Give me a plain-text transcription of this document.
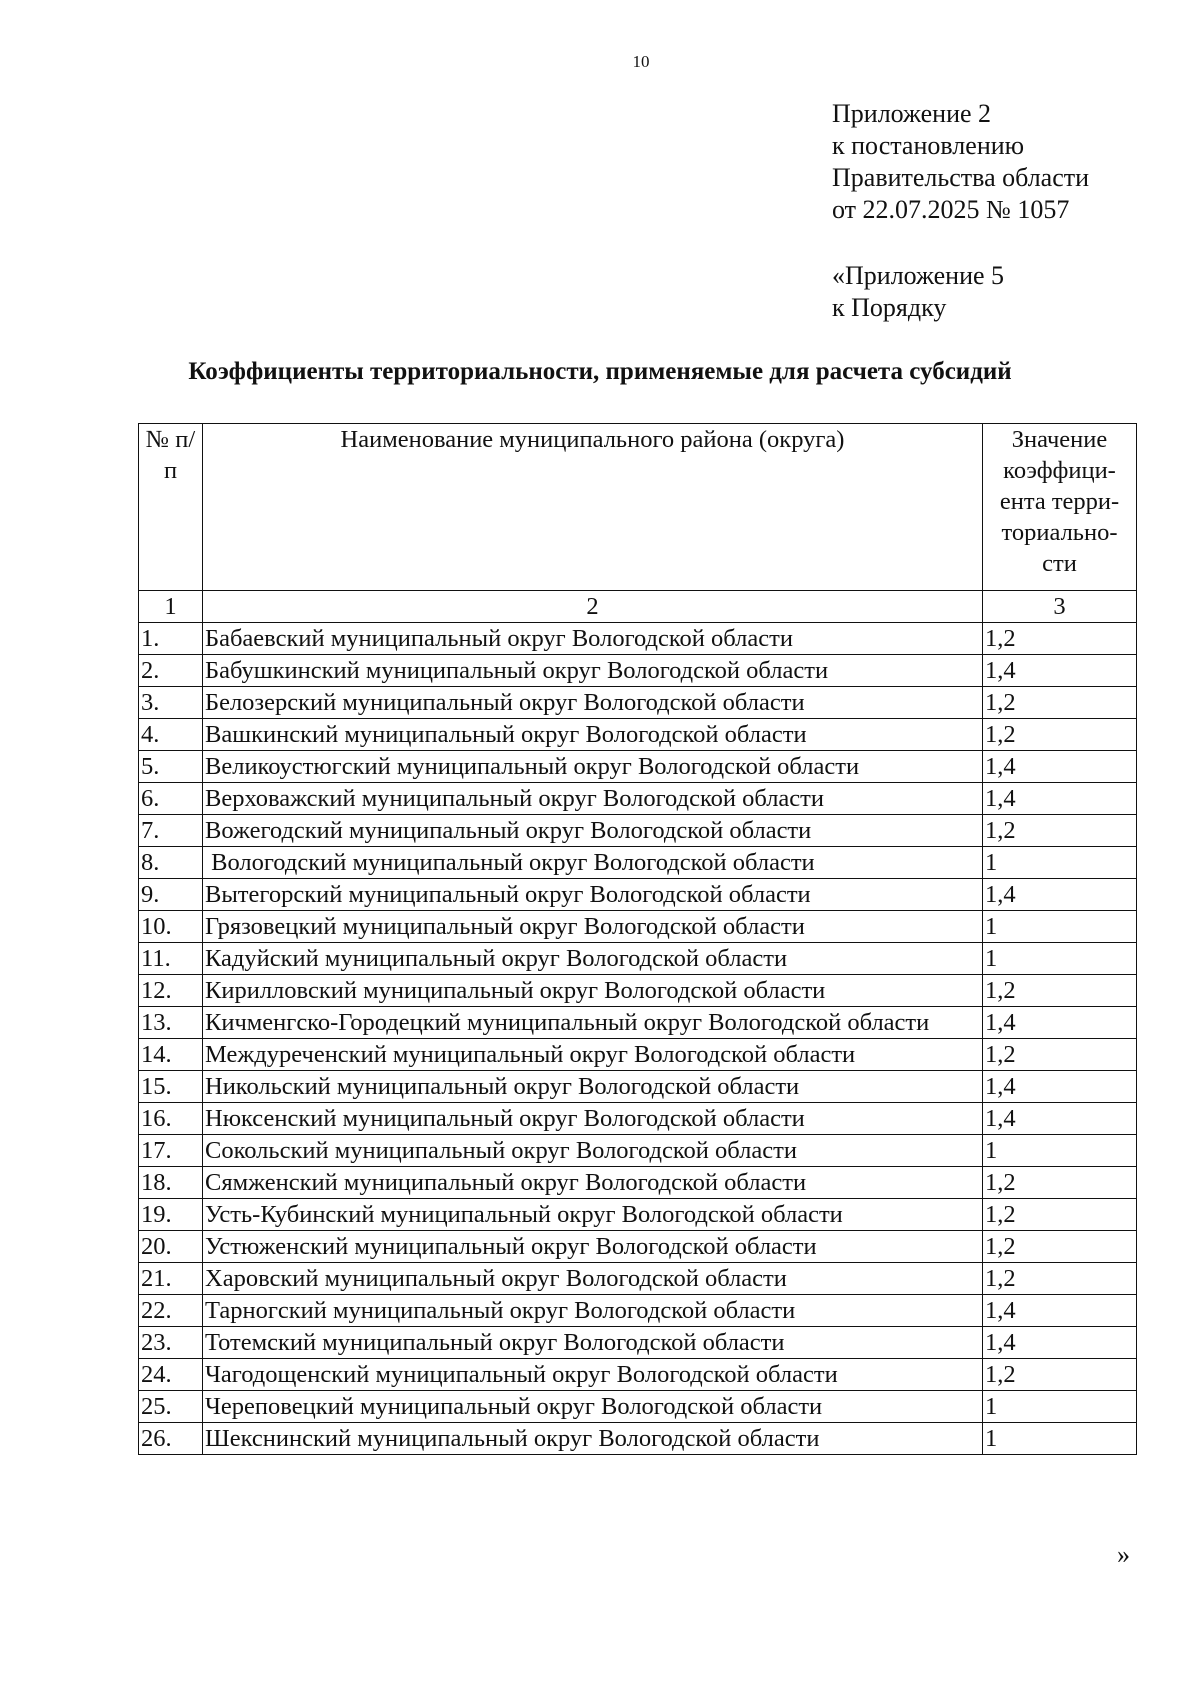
10
Приложение 2
к постановлению
Правительства области
от 22.07.2025 № 1057
«Приложение 5
к Порядку
Коэффициенты территориальности, применяемые для расчета субсидий
№ п/п	Наименование муниципального района (округа)	Значение коэффици- ента терри- ториально- сти
1	2	3
1.	Бабаевский муниципальный округ Вологодской области	1,2
2.	Бабушкинский муниципальный округ Вологодской области	1,4
3.	Белозерский муниципальный округ Вологодской области	1,2
4.	Вашкинский муниципальный округ Вологодской области	1,2
5.	Великоустюгский муниципальный округ Вологодской области	1,4
6.	Верховажский муниципальный округ Вологодской области	1,4
7.	Вожегодский муниципальный округ Вологодской области	1,2
8.	Вологодский муниципальный округ Вологодской области	1
9.	Вытегорский муниципальный округ Вологодской области	1,4
10.	Грязовецкий муниципальный округ Вологодской области	1
11.	Кадуйский муниципальный округ Вологодской области	1
12.	Кирилловский муниципальный округ Вологодской области	1,2
13.	Кичменгско-Городецкий муниципальный округ Вологодской области	1,4
14.	Междуреченский муниципальный округ Вологодской области	1,2
15.	Никольский муниципальный округ Вологодской области	1,4
16.	Нюксенский муниципальный округ Вологодской области	1,4
17.	Сокольский муниципальный округ Вологодской области	1
18.	Сямженский муниципальный округ Вологодской области	1,2
19.	Усть-Кубинский муниципальный округ Вологодской области	1,2
20.	Устюженский муниципальный округ Вологодской области	1,2
21.	Харовский муниципальный округ Вологодской области	1,2
22.	Тарногский муниципальный округ Вологодской области	1,4
23.	Тотемский муниципальный округ Вологодской области	1,4
24.	Чагодощенский муниципальный округ Вологодской области	1,2
25.	Череповецкий муниципальный округ Вологодской области	1
26.	Шекснинский муниципальный округ Вологодской области	1
»
